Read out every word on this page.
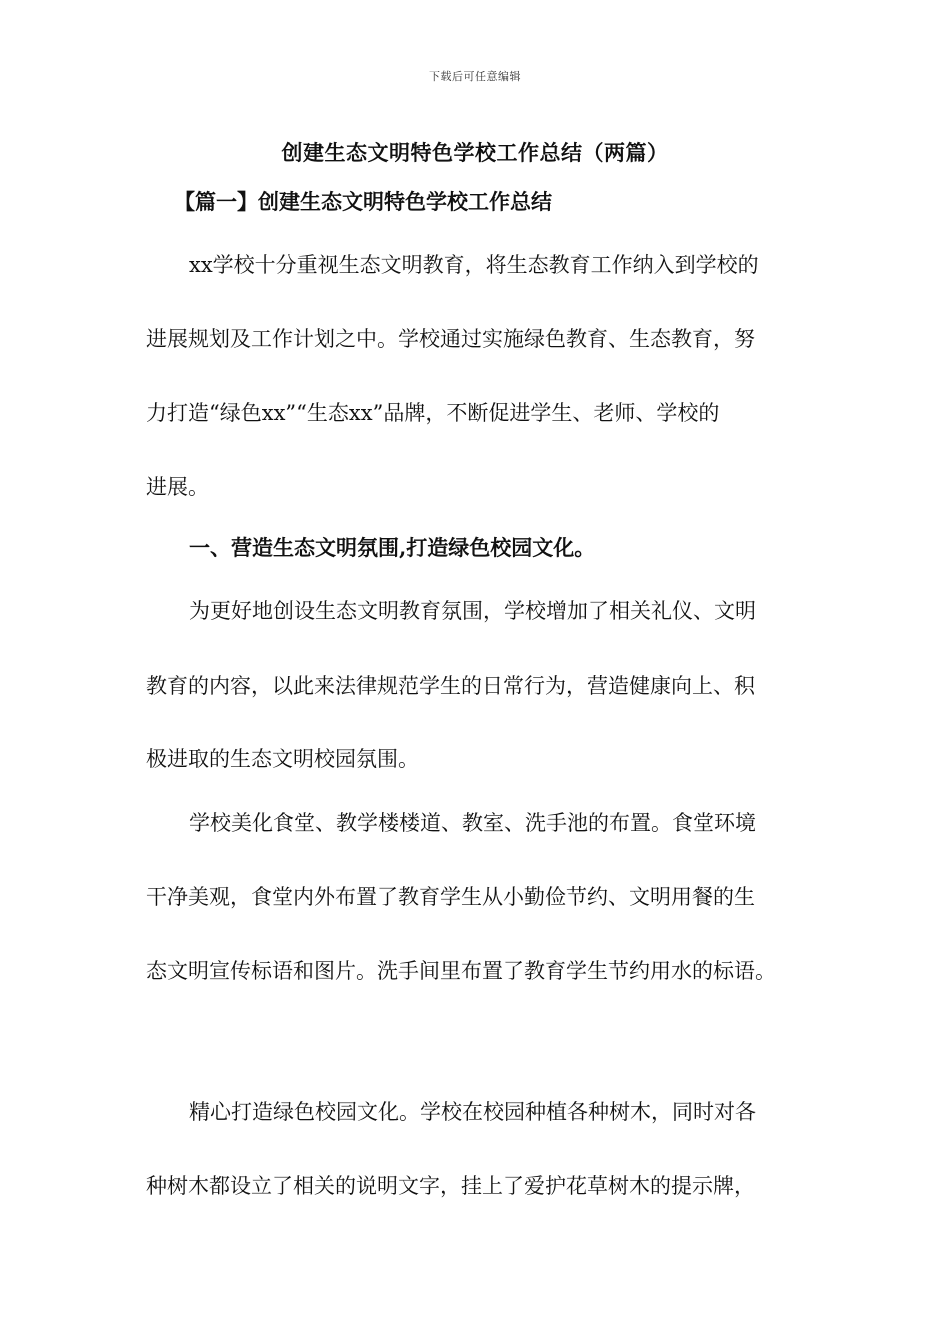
下载后可任意编辑
创建生态文明特色学校工作总结（两篇）
【篇一】创建生态文明特色学校工作总结
xx学校十分重视生态文明教育，将生态教育工作纳入到学校的
进展规划及工作计划之中。学校通过实施绿色教育、生态教育，努
力打造“绿色xx”“生态xx”品牌，不断促进学生、老师、学校的
进展。
一、营造生态文明氛围,打造绿色校园文化。
为更好地创设生态文明教育氛围，学校增加了相关礼仪、文明
教育的内容，以此来法律规范学生的日常行为，营造健康向上、积
极进取的生态文明校园氛围。
学校美化食堂、教学楼楼道、教室、洗手池的布置。食堂环境
干净美观，食堂内外布置了教育学生从小勤俭节约、文明用餐的生
态文明宣传标语和图片。洗手间里布置了教育学生节约用水的标语。
精心打造绿色校园文化。学校在校园种植各种树木，同时对各
种树木都设立了相关的说明文字，挂上了爱护花草树木的提示牌，
